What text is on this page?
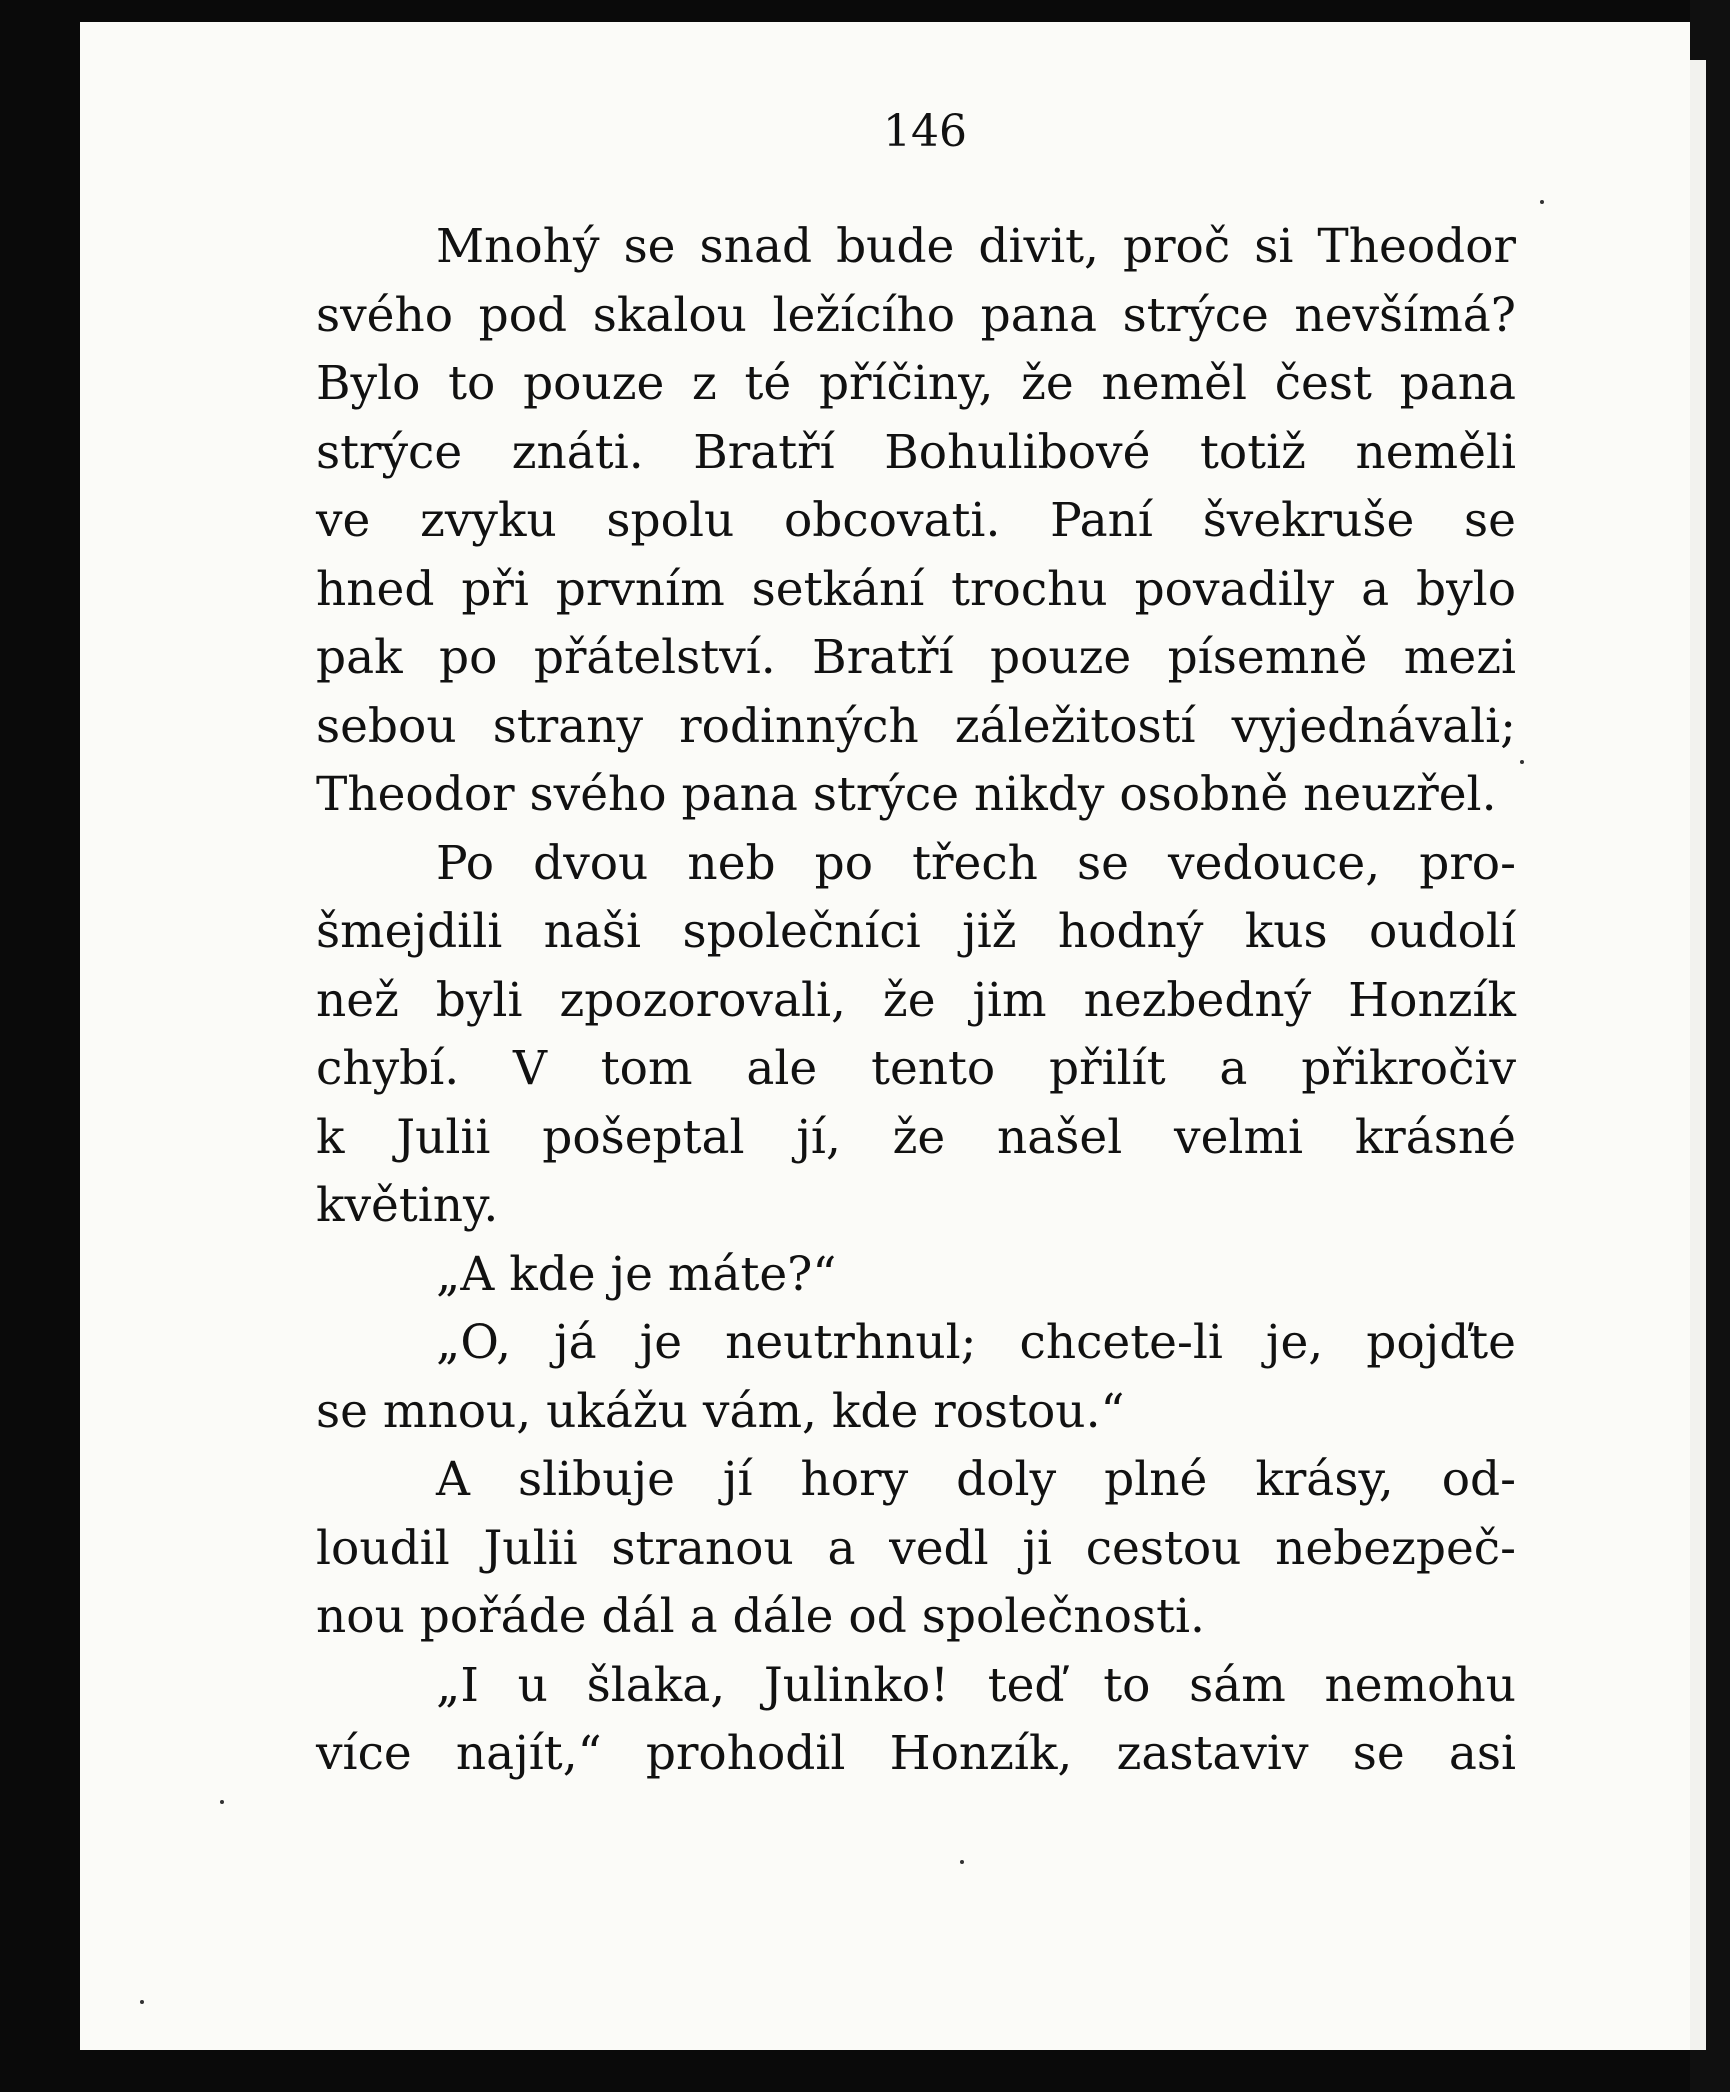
146
Mnohý se snad bude divit, proč si Theodor
svého pod skalou ležícího pana strýce nevšímá?
Bylo to pouze z té příčiny, že neměl čest pana
strýce znáti. Bratří Bohulibové totiž neměli
ve zvyku spolu obcovati. Paní švekruše se
hned při prvním setkání trochu povadily a bylo
pak po přátelství. Bratří pouze písemně mezi
sebou strany rodinných záležitostí vyjednávali;
Theodor svého pana strýce nikdy osobně neuzřel.
Po dvou neb po třech se vedouce, pro-
šmejdili naši společníci již hodný kus oudolí
než byli zpozorovali, že jim nezbedný Honzík
chybí. V tom ale tento přilít a přikročiv
k Julii pošeptal jí, že našel velmi krásné
květiny.
„A kde je máte?“
„O, já je neutrhnul; chcete-li je, pojďte
se mnou, ukážu vám, kde rostou.“
A slibuje jí hory doly plné krásy, od-
loudil Julii stranou a vedl ji cestou nebezpeč-
nou pořáde dál a dále od společnosti.
„I u šlaka, Julinko! teď to sám nemohu
více najít,“ prohodil Honzík, zastaviv se asi
